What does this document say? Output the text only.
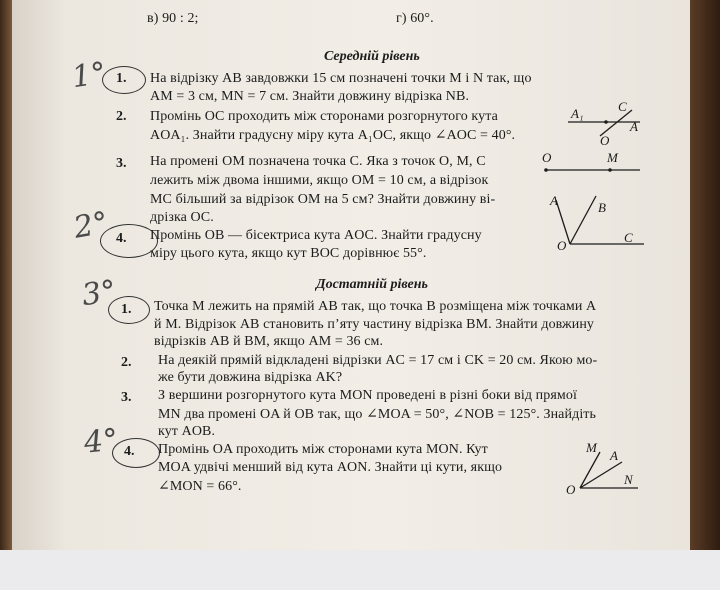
в) 90 : 2;	г) 60°.
Середній рівень
1° 1. На відрізку AB завдовжки 15 см позначені точки M і N так, що
AM = 3 см, MN = 7 см. Знайти довжину відрізка NB.
2. Промінь OC проходить між сторонами розгорнутого кута
AOA₁. Знайти градусну міру кута A₁OC, якщо ∠AOC = 40°.
3. На промені OM позначена точка C. Яка з точок O, M, C
лежить між двома іншими, якщо OM = 10 см, а відрізок
MC більший за відрізок OM на 5 см? Знайти довжину ві-
дрізка OC.
2° 4. Промінь OB — бісектриса кута AOC. Знайти градусну
міру цього кута, якщо кут BOC дорівнює 55°.
Достатній рівень
3° 1. Точка M лежить на прямій AB так, що точка B розміщена між точками A
й M. Відрізок AB становить п’яту частину відрізка BM. Знайти довжину
відрізків AB й BM, якщо AM = 36 см.
2. На деякій прямій відкладені відрізки AC = 17 см і CK = 20 см. Якою мо-
же бути довжина відрізка AK?
3. З вершини розгорнутого кута MON проведені в різні боки від прямої
MN два промені OA й OB так, що ∠MOA = 50°, ∠NOB = 125°. Знайдіть
кут AOB.
4° 4. Промінь OA проходить між сторонами кута MON. Кут
MOA удвічі менший від кута AON. Знайти ці кути, якщо
∠MON = 66°.
C
A₁
A
O
O	M
A	B
O
C
M
A
O
N
